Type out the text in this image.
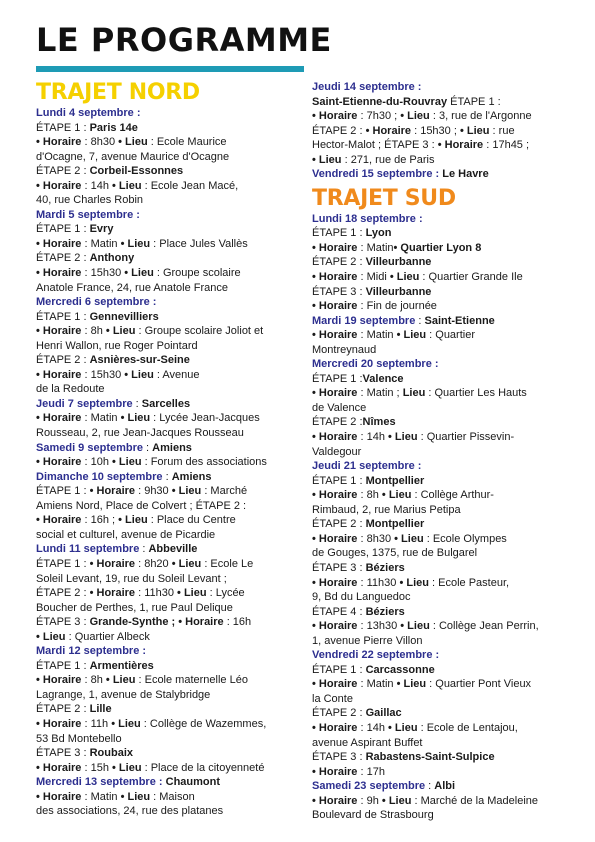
LE PROGRAMME
TRAJET NORD
Lundi 4 septembre :
ÉTAPE 1 : Paris 14e
• Horaire : 8h30 • Lieu : Ecole Maurice
d'Ocagne, 7, avenue Maurice d'Ocagne
ÉTAPE 2 : Corbeil-Essonnes
• Horaire : 14h • Lieu : Ecole Jean Macé,
40, rue Charles Robin
Mardi 5 septembre :
ÉTAPE 1 : Evry
• Horaire : Matin • Lieu : Place Jules Vallès
ÉTAPE 2 : Anthony
• Horaire : 15h30 • Lieu : Groupe scolaire
Anatole France, 24, rue Anatole France
Mercredi 6 septembre :
ÉTAPE 1 : Gennevilliers
• Horaire : 8h • Lieu : Groupe scolaire Joliot et
Henri Wallon, rue Roger Pointard
ÉTAPE 2 : Asnières-sur-Seine
• Horaire : 15h30 • Lieu : Avenue
de la Redoute
Jeudi 7 septembre : Sarcelles
• Horaire : Matin • Lieu : Lycée Jean-Jacques
Rousseau, 2, rue Jean-Jacques Rousseau
Samedi 9 septembre : Amiens
• Horaire : 10h • Lieu : Forum des associations
Dimanche 10 septembre : Amiens
ÉTAPE 1 : • Horaire : 9h30 • Lieu : Marché
Amiens Nord, Place de Colvert ; ÉTAPE 2 :
• Horaire : 16h ; • Lieu : Place du Centre
social et culturel, avenue de Picardie
Lundi 11 septembre : Abbeville
ÉTAPE 1 : • Horaire : 8h20 • Lieu : Ecole Le
Soleil Levant, 19, rue du Soleil Levant ;
ÉTAPE 2 : • Horaire : 11h30 • Lieu : Lycée
Boucher de Perthes, 1, rue Paul Delique
ÉTAPE 3 : Grande-Synthe ; • Horaire : 16h
• Lieu : Quartier Albeck
Mardi 12 septembre :
ÉTAPE 1 : Armentières
• Horaire : 8h • Lieu : Ecole maternelle Léo
Lagrange, 1, avenue de Stalybridge
ÉTAPE 2 : Lille
• Horaire : 11h • Lieu : Collège de Wazemmes,
53 Bd Montebello
ÉTAPE 3 : Roubaix
• Horaire : 15h • Lieu : Place de la citoyenneté
Mercredi 13 septembre : Chaumont
• Horaire : Matin • Lieu : Maison
des associations, 24, rue des platanes
Jeudi 14 septembre :
Saint-Etienne-du-Rouvray ÉTAPE 1 :
• Horaire : 7h30 ; • Lieu : 3, rue de l'Argonne
ÉTAPE 2 : • Horaire : 15h30 ; • Lieu : rue
Hector-Malot ; ÉTAPE 3 : • Horaire : 17h45 ;
• Lieu : 271, rue de Paris
Vendredi 15 septembre : Le Havre
TRAJET SUD
Lundi 18 septembre :
ÉTAPE 1 : Lyon
• Horaire : Matin• Quartier Lyon 8
ÉTAPE 2 : Villeurbanne
• Horaire : Midi • Lieu : Quartier Grande Ile
ÉTAPE 3 : Villeurbanne
• Horaire : Fin de journée
Mardi 19 septembre : Saint-Etienne
• Horaire : Matin • Lieu : Quartier
Montreynaud
Mercredi 20 septembre :
ÉTAPE 1 :Valence
• Horaire : Matin ; Lieu : Quartier Les Hauts
de Valence
ÉTAPE 2 :Nîmes
• Horaire : 14h • Lieu : Quartier Pissevin-
Valdegour
Jeudi 21 septembre :
ÉTAPE 1 : Montpellier
• Horaire : 8h • Lieu : Collège Arthur-
Rimbaud, 2, rue Marius Petipa
ÉTAPE 2 : Montpellier
• Horaire : 8h30 • Lieu : Ecole Olympes
de Gouges, 1375, rue de Bulgarel
ÉTAPE 3 : Béziers
• Horaire : 11h30 • Lieu : Ecole Pasteur,
9, Bd du Languedoc
ÉTAPE 4 : Béziers
• Horaire : 13h30 • Lieu : Collège Jean Perrin,
1, avenue Pierre Villon
Vendredi 22 septembre :
ÉTAPE 1 : Carcassonne
• Horaire : Matin • Lieu : Quartier Pont Vieux
la Conte
ÉTAPE 2 : Gaillac
• Horaire : 14h • Lieu : Ecole de Lentajou,
avenue Aspirant Buffet
ÉTAPE 3 : Rabastens-Saint-Sulpice
• Horaire : 17h
Samedi 23 septembre : Albi
• Horaire : 9h • Lieu : Marché de la Madeleine
Boulevard de Strasbourg
